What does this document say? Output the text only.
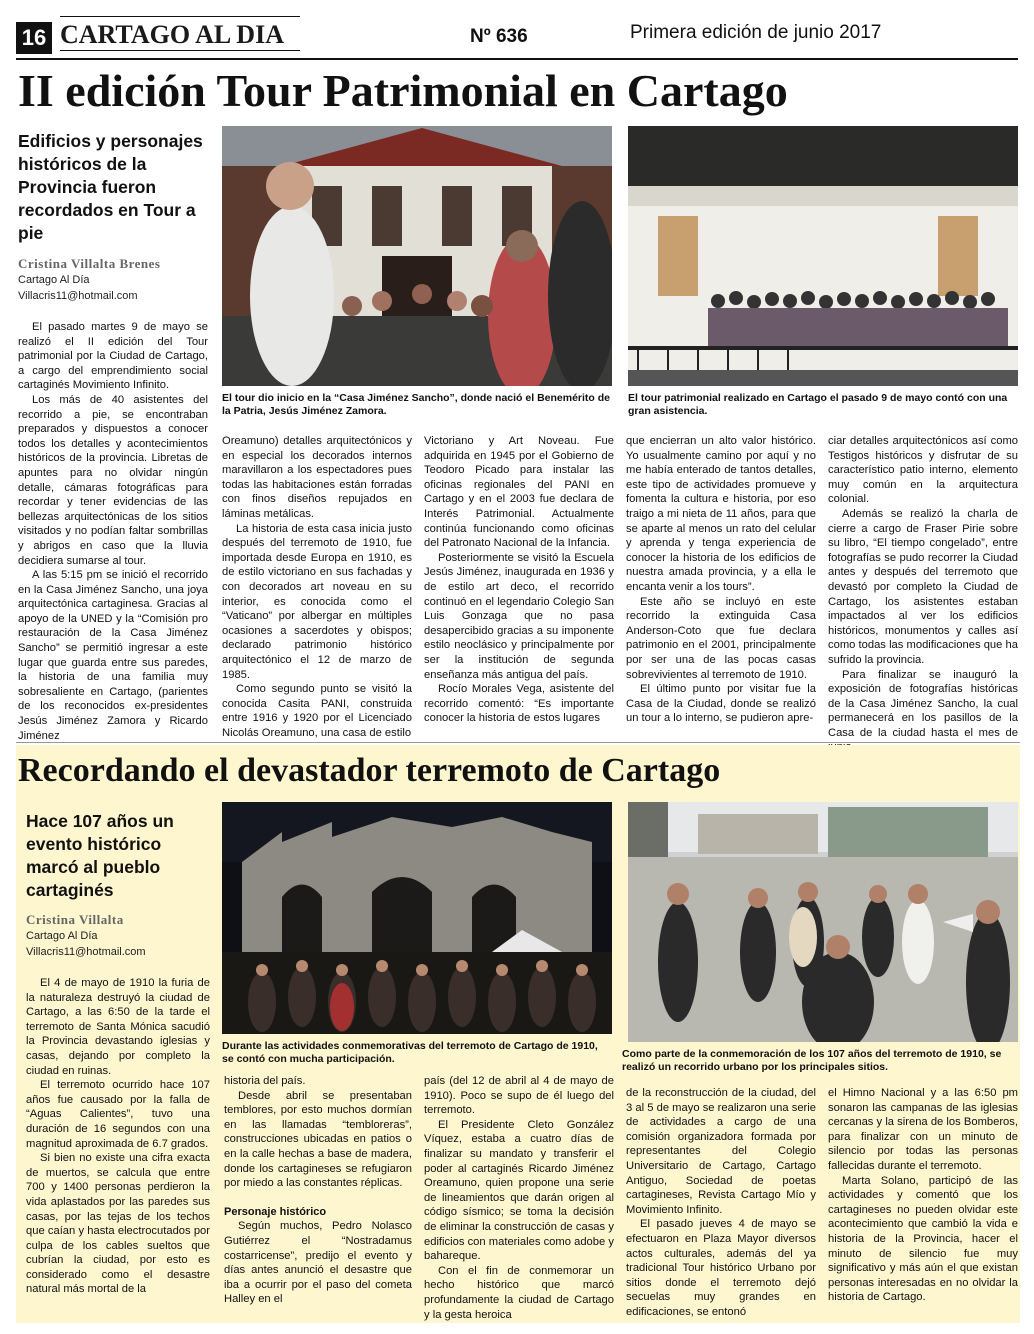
16 CARTAGO AL DIA	Nº 636	Primera edición de junio 2017
II edición Tour Patrimonial en Cartago
Edificios y personajes históricos de la Provincia fueron recordados en Tour a pie
Cristina Villalta Brenes
Cartago Al Día
Villacris11@hotmail.com
El tour dio inicio en la “Casa Jiménez Sancho”, donde nació el Benemérito de la Patria, Jesús Jiménez Zamora.
El tour patrimonial realizado en Cartago el pasado 9 de mayo contó con una gran asistencia.

El pasado martes 9 de mayo se realizó el II edición del Tour patrimonial por la Ciudad de Cartago, a cargo del emprendimiento social cartaginés Movimiento Infinito.

Los más de 40 asistentes del recorrido a pie, se encontraban preparados y dispuestos a conocer todos los detalles y acontecimientos históricos de la provincia. Libretas de apuntes para no olvidar ningún detalle, cámaras fotográficas para recordar y tener evidencias de las bellezas arquitectónicas de los sitios visitados y no podían faltar sombrillas y abrigos en caso que la lluvia decidiera sumarse al tour.

A las 5:15 pm se inició el recorrido en la Casa Jiménez Sancho, una joya arquitectónica cartaginesa. Gracias al apoyo de la UNED y la “Comisión pro restauración de la Casa Jiménez Sancho” se permitió ingresar a este lugar que guarda entre sus paredes, la historia de una familia muy sobresaliente en Cartago, (parientes de los reconocidos ex-presidentes Jesús Jiménez Zamora y Ricardo Jiménez

Oreamuno) detalles arquitectónicos y en especial los decorados internos maravillaron a los espectadores pues todas las habitaciones están forradas con finos diseños repujados en láminas metálicas.

La historia de esta casa inicia justo después del terremoto de 1910, fue importada desde Europa en 1910, es de estilo victoriano en sus fachadas y con decorados art noveau en su interior, es conocida como el “Vaticano” por albergar en múltiples ocasiones a sacerdotes y obispos; declarado patrimonio histórico arquitectónico el 12 de marzo de 1985.

Como segundo punto se visitó la conocida Casita PANI, construida entre 1916 y 1920 por el Licenciado Nicolás Oreamuno, una casa de estilo

Victoriano y Art Noveau. Fue adquirida en 1945 por el Gobierno de Teodoro Picado para instalar las oficinas regionales del PANI en Cartago y en el 2003 fue declara de Interés Patrimonial. Actualmente continúa funcionando como oficinas del Patronato Nacional de la Infancia.

Posteriormente se visitó la Escuela Jesús Jiménez, inaugurada en 1936 y de estilo art deco, el recorrido continuó en el legendario Colegio San Luis Gonzaga que no pasa desapercibido gracias a su imponente estilo neoclásico y principalmente por ser la institución de segunda enseñanza más antigua del país.

Rocío Morales Vega, asistente del recorrido comentó: “Es importante conocer la historia de estos lugares

que encierran un alto valor histórico. Yo usualmente camino por aquí y no me había enterado de tantos detalles, este tipo de actividades promueve y fomenta la cultura e historia, por eso traigo a mi nieta de 11 años, para que se aparte al menos un rato del celular y aprenda y tenga experiencia de conocer la historia de los edificios de nuestra amada provincia, y a ella le encanta venir a los tours”.

Este año se incluyó en este recorrido la extinguida Casa Anderson-Coto que fue declara patrimonio en el 2001, principalmente por ser una de las pocas casas sobrevivientes al terremoto de 1910.

El último punto por visitar fue la Casa de la Ciudad, donde se realizó un tour a lo interno, se pudieron apre-

ciar detalles arquitectónicos así como Testigos históricos y disfrutar de su característico patio interno, elemento muy común en la arquitectura colonial.

Además se realizó la charla de cierre a cargo de Fraser Pirie sobre su libro, “El tiempo congelado”, entre fotografías se pudo recorrer la Ciudad antes y después del terremoto que devastó por completo la Ciudad de Cartago, los asistentes estaban impactados al ver los edificios históricos, monumentos y calles así como todas las modificaciones que ha sufrido la provincia.

Para finalizar se inauguró la exposición de fotografías históricas de la Casa Jiménez Sancho, la cual permanecerá en los pasillos de la Casa de la ciudad hasta el mes de

Recordando el devastador terremoto de Cartago
Hace 107 años un evento histórico marcó al pueblo cartaginés
Cristina Villalta
Cartago Al Día
Villacris11@hotmail.com
Durante las actividades conmemorativas del terremoto de Cartago de 1910, se contó con mucha participación.	Como parte de la conmemoración de los 107 años del terremoto de 1910, se realizó un recorrido urbano por los principales sitios.

El 4 de mayo de 1910 la furia de la naturaleza destruyó la ciudad de Cartago, a las 6:50 de la tarde el terremoto de Santa Mónica sacudió la Provincia devastando iglesias y casas, dejando por completo la ciudad en ruinas.

El terremoto ocurrido hace 107 años fue causado por la falla de “Aguas Calientes”, tuvo una duración de 16 segundos con una magnitud aproximada de 6.7 grados.

Si bien no existe una cifra exacta de muertos, se calcula que entre 700 y 1400 personas perdieron la vida aplastados por las paredes sus casas, por las tejas de los techos que caían y hasta electrocutados por culpa de los cables sueltos que cubrían la ciudad, por esto es considerado como el desastre natural más mortal de la

historia del país.

Desde abril se presentaban temblores, por esto muchos dormían en las llamadas “tembloreras”, construcciones ubicadas en patios o en la calle hechas a base de madera, donde los cartagineses se refugiaron por miedo a las constantes réplicas.

Personaje histórico

Según muchos, Pedro Nolasco Gutiérrez el “Nostradamus costarricense”, predijo el evento y días antes anunció el desastre que iba a ocurrir por el paso del cometa Halley en el

país (del 12 de abril al 4 de mayo de 1910). Poco se supo de él luego del terremoto.

El Presidente Cleto González Víquez, estaba a cuatro días de finalizar su mandato y transferir el poder al cartaginés Ricardo Jiménez Oreamuno, quien propone una serie de lineamientos que darán origen al código sísmico; se toma la decisión de eliminar la construcción de casas y edificios con materiales como adobe y bahareque.

Con el fin de conmemorar un hecho histórico que marcó profundamente la ciudad de Cartago y la gesta heroica

de la reconstrucción de la ciudad, del 3 al 5 de mayo se realizaron una serie de actividades a cargo de una comisión organizadora formada por representantes del Colegio Universitario de Cartago, Cartago Antiguo, Sociedad de poetas cartagineses, Revista Cartago Mío y Movimiento Infinito.

El pasado jueves 4 de mayo se efectuaron en Plaza Mayor diversos actos culturales, además del ya tradicional Tour histórico Urbano por sitios donde el terremoto dejó secuelas muy grandes en edificaciones, se entonó

el Himno Nacional y a las 6:50 pm sonaron las campanas de las iglesias cercanas y la sirena de los Bomberos, para finalizar con un minuto de silencio por todas las personas fallecidas durante el terremoto.

Marta Solano, participó de las actividades y comentó que los cartagineses no pueden olvidar este acontecimiento que cambió la vida e historia de la Provincia, hacer el minuto de silencio fue muy significativo y más aún el que existan personas interesadas en no olvidar la historia de Cartago.
